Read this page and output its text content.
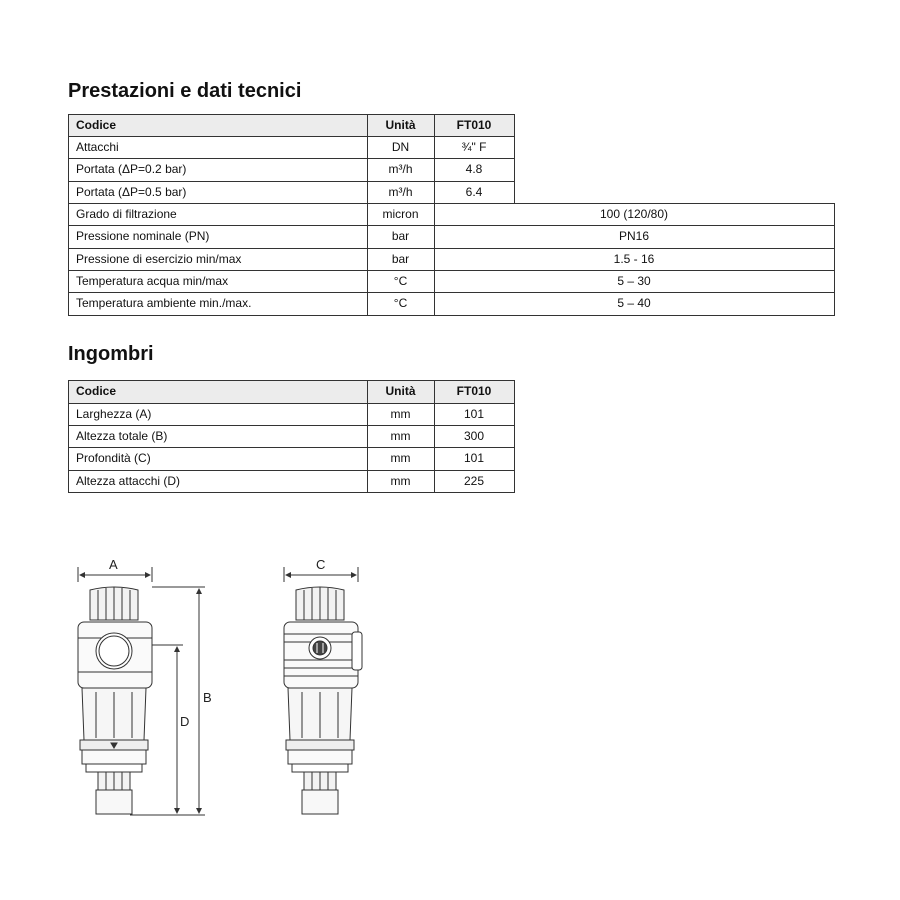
Prestazioni e dati tecnici
Codice	Unità	FT010
Attacchi	DN	¾" F
Portata (ΔP=0.2 bar)	m³/h	4.8
Portata (ΔP=0.5 bar)	m³/h	6.4
Grado di filtrazione	micron	100 (120/80)
Pressione nominale (PN)	bar	PN16
Pressione di esercizio min/max	bar	1.5 - 16
Temperatura acqua min/max	°C	5 – 30
Temperatura ambiente min./max.	°C	5 – 40
Ingombri
Codice	Unità	FT010
Larghezza (A)	mm	101
Altezza totale (B)	mm	300
Profondità (C)	mm	101
Altezza attacchi (D)	mm	225
A
B
D
C
